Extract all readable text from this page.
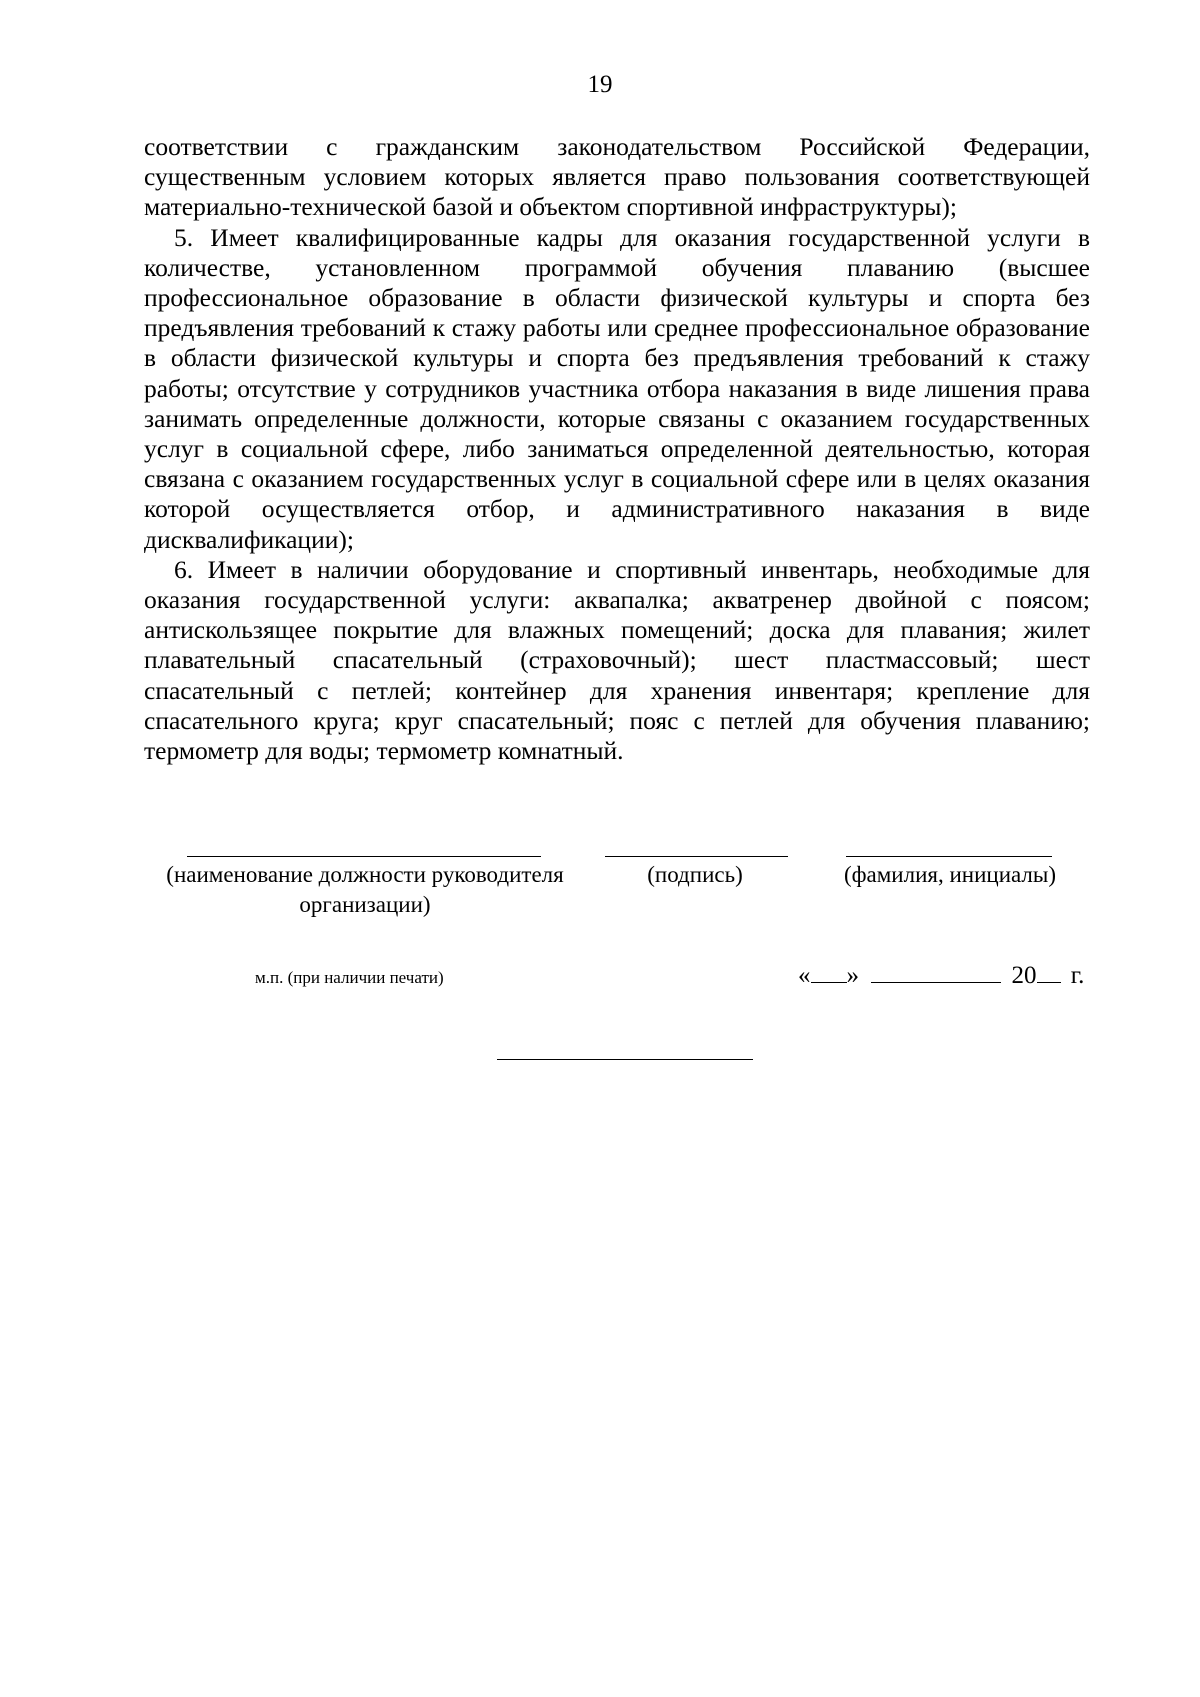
19

соответствии с гражданским законодательством Российской Федерации, существенным условием которых является право пользования соответствующей материально-технической базой и объектом спортивной инфраструктуры);

5. Имеет квалифицированные кадры для оказания государственной услуги в количестве, установленном программой обучения плаванию (высшее профессиональное образование в области физической культуры и спорта без предъявления требований к стажу работы или среднее профессиональное образование в области физической культуры и спорта без предъявления требований к стажу работы; отсутствие у сотрудников участника отбора наказания в виде лишения права занимать определенные должности, которые связаны с оказанием государственных услуг в социальной сфере, либо заниматься определенной деятельностью, которая связана с оказанием государственных услуг в социальной сфере или в целях оказания которой осуществляется отбор, и административного наказания в виде дисквалификации);

6. Имеет в наличии оборудование и спортивный инвентарь, необходимые для оказания государственной услуги: аквапалка; акватренер двойной с поясом; антискользящее покрытие для влажных помещений; доска для плавания; жилет плавательный спасательный (страховочный); шест пластмассовый; шест спасательный с петлей; контейнер для хранения инвентаря; крепление для спасательного круга; круг спасательный; пояс с петлей для обучения плаванию; термометр для воды; термометр комнатный.

(наименование должности руководителя организации)
(подпись)	(фамилия, инициалы)
м.п. (при наличии печати)	« »	20 г.
